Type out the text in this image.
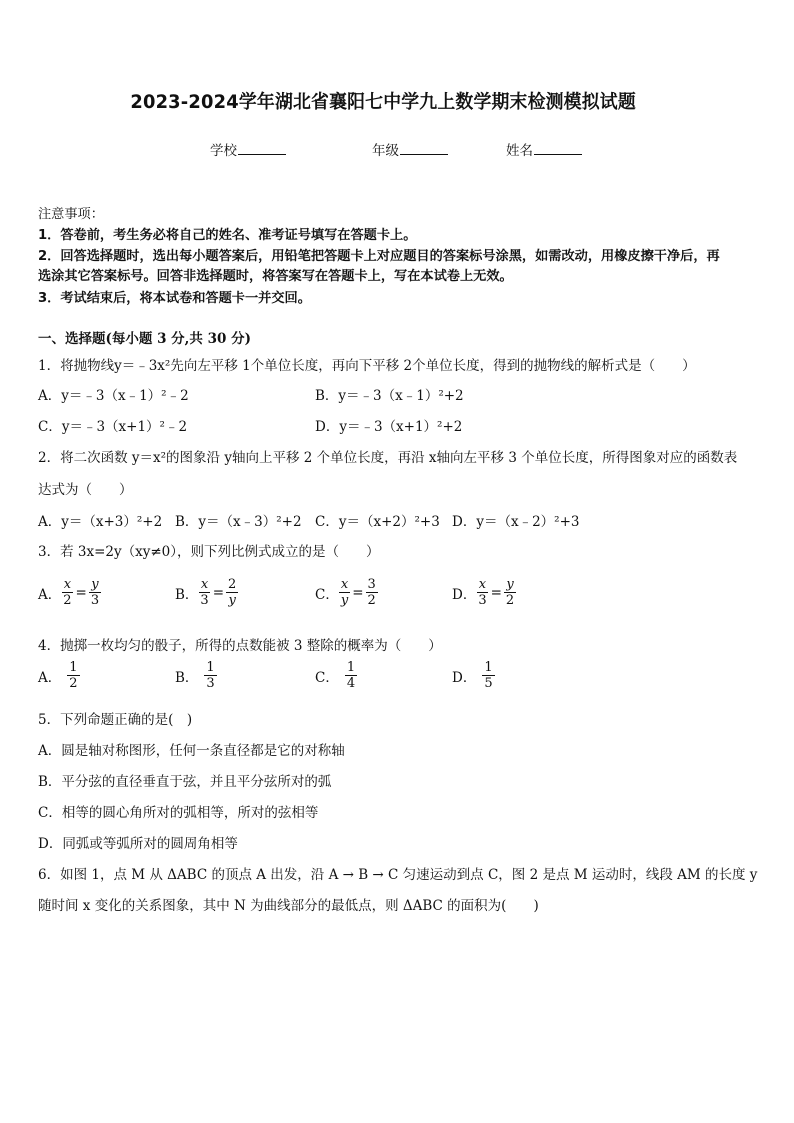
2023-2024学年湖北省襄阳七中学九上数学期末检测模拟试题
学校	年级	姓名
注意事项：
1．答卷前，考生务必将自己的姓名、准考证号填写在答题卡上。
2．回答选择题时，选出每小题答案后，用铅笔把答题卡上对应题目的答案标号涂黑，如需改动，用橡皮擦干净后，再
选涂其它答案标号。回答非选择题时，将答案写在答题卡上，写在本试卷上无效。
3．考试结束后，将本试卷和答题卡一并交回。
一、选择题(每小题 3 分,共 30 分)
1．将抛物线y＝﹣3x²先向左平移 1个单位长度，再向下平移 2个单位长度，得到的抛物线的解析式是（　　）
A．y＝﹣3（x﹣1）²﹣2	B．y＝﹣3（x﹣1）²+2
C．y＝﹣3（x+1）²﹣2	D．y＝﹣3（x+1）²+2
2．将二次函数 y＝x²的图象沿 y轴向上平移 2 个单位长度，再沿 x轴向左平移 3 个单位长度，所得图象对应的函数表
达式为（　　）
A．y＝（x+3）²+2 B．y＝（x﹣3）²+2 C．y＝（x+2）²+3 D．y＝（x﹣2）²+3
3．若 3x=2y（xy≠0），则下列比例式成立的是（　　）
A． $\frac{x}{2} = \frac{y}{3}$	B． $\frac{x}{3} = \frac{2}{y}$	C． $\frac{x}{y} = \frac{3}{2}$	D． $\frac{x}{3} = \frac{y}{2}$
4．抛掷一枚均匀的骰子，所得的点数能被 3 整除的概率为（　　）
A． $\frac{1}{2}$	B． $\frac{1}{3}$	C． $\frac{1}{4}$	D． $\frac{1}{5}$
5．下列命题正确的是(　)
A．圆是轴对称图形，任何一条直径都是它的对称轴
B．平分弦的直径垂直于弦，并且平分弦所对的弧
C．相等的圆心角所对的弧相等，所对的弦相等
D．同弧或等弧所对的圆周角相等
6．如图 1，点 M 从 ΔABC 的顶点 A 出发，沿 A → B → C 匀速运动到点 C，图 2 是点 M 运动时，线段 AM 的长度 y
随时间 x 变化的关系图象，其中 N 为曲线部分的最低点，则 ΔABC 的面积为(　　)
